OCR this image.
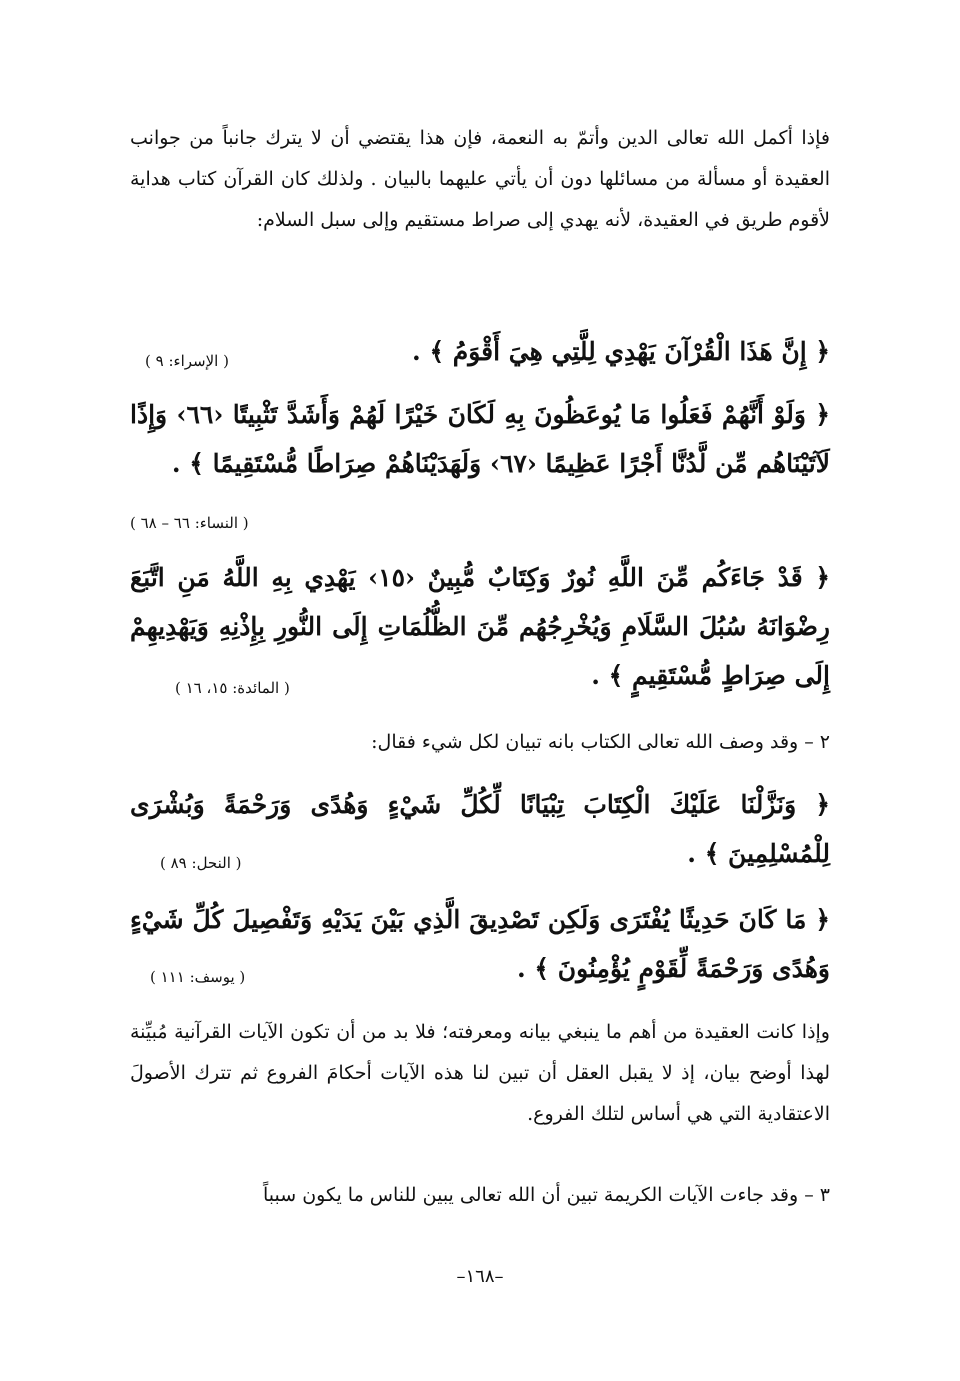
فإذا أكمل الله تعالى الدين وأتمّ به النعمة، فإن هذا يقتضي أن لا يترك جانباً من جوانب العقيدة أو مسألة من مسائلها دون أن يأتي عليهما بالبيان . ولذلك كان القرآن كتاب هداية لأقوم طريق في العقيدة، لأنه يهدي إلى صراط مستقيم وإلى سبل السلام:

﴿ إِنَّ هَذَا الْقُرْآنَ يَهْدِي لِلَّتِي هِيَ أَقْوَمُ ﴾ .

( الإسراء: ٩ )

﴿ وَلَوْ أَنَّهُمْ فَعَلُوا مَا يُوعَظُونَ بِهِ لَكَانَ خَيْرًا لَهُمْ وَأَشَدَّ تَثْبِيتًا ‹٦٦› وَإِذًا لَآتَيْنَاهُم مِّن لَّدُنَّا أَجْرًا عَظِيمًا ‹٦٧› وَلَهَدَيْنَاهُمْ صِرَاطًا مُّسْتَقِيمًا ﴾ .

( النساء: ٦٦ – ٦٨ )

﴿ قَدْ جَاءَكُم مِّنَ اللَّهِ نُورٌ وَكِتَابٌ مُّبِينٌ ‹١٥› يَهْدِي بِهِ اللَّهُ مَنِ اتَّبَعَ رِضْوَانَهُ سُبُلَ السَّلَامِ وَيُخْرِجُهُم مِّنَ الظُّلُمَاتِ إِلَى النُّورِ بِإِذْنِهِ وَيَهْدِيهِمْ إِلَى صِرَاطٍ مُّسْتَقِيمٍ ﴾ .

( المائدة: ١٥، ١٦ )

٢ – وقد وصف الله تعالى الكتاب بانه تبيان لكل شيء فقال:

﴿ وَنَزَّلْنَا عَلَيْكَ الْكِتَابَ تِبْيَانًا لِّكُلِّ شَيْءٍ وَهُدًى وَرَحْمَةً وَبُشْرَى لِلْمُسْلِمِينَ ﴾ .

( النحل: ٨٩ )

﴿ مَا كَانَ حَدِيثًا يُفْتَرَى وَلَكِن تَصْدِيقَ الَّذِي بَيْنَ يَدَيْهِ وَتَفْصِيلَ كُلِّ شَيْءٍ وَهُدًى وَرَحْمَةً لِّقَوْمٍ يُؤْمِنُونَ ﴾ .

( يوسف: ١١١ )

وإذا كانت العقيدة من أهم ما ينبغي بيانه ومعرفته؛ فلا بد من أن تكون الآيات القرآنية مُبيِّنة لهذا أوضح بيان، إذ لا يقبل العقل أن تبين لنا هذه الآيات أحكامَ الفروع ثم تترك الأصولَ الاعتقادية التي هي أساس لتلك الفروع.

٣ – وقد جاءت الآيات الكريمة تبين أن الله تعالى يبين للناس ما يكون سبباً

–١٦٨–
